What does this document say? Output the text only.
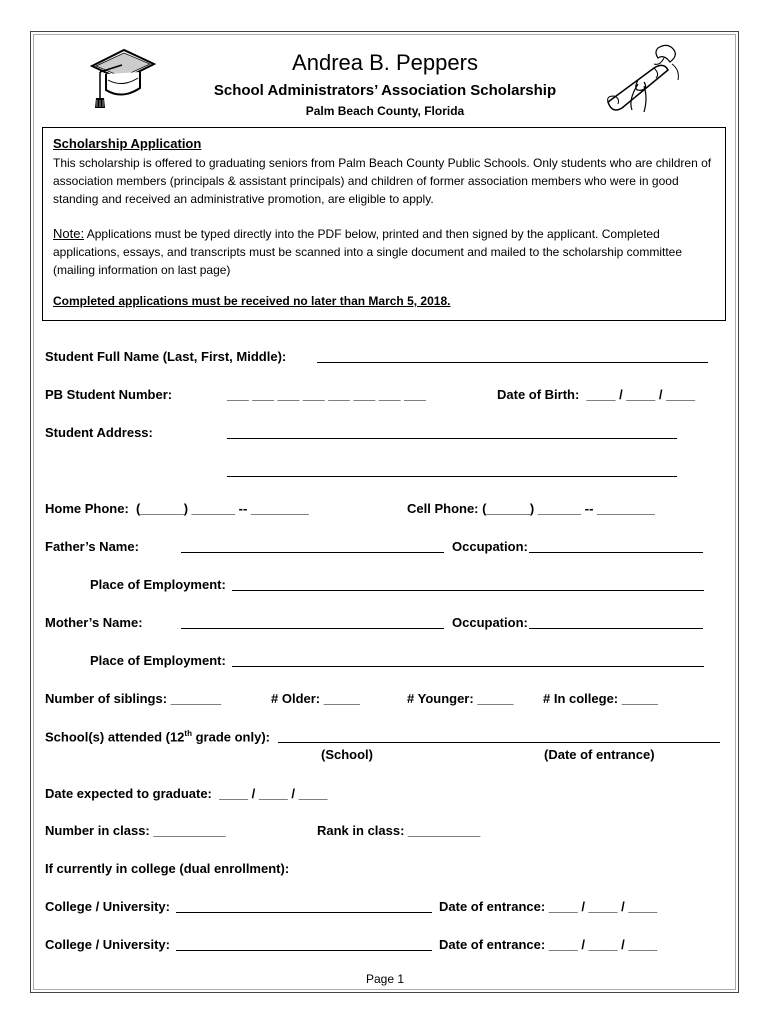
Andrea B. Peppers
School Administrators’ Association Scholarship
Palm Beach County, Florida
Scholarship Application

This scholarship is offered to graduating seniors from Palm Beach County Public Schools. Only students who are children of association members (principals & assistant principals) and children of former association members who were in good standing and received an administrative promotion, are eligible to apply.

Note: Applications must be typed directly into the PDF below, printed and then signed by the applicant. Completed applications, essays, and transcripts must be scanned into a single document and mailed to the scholarship committee (mailing information on last page)

Completed applications must be received no later than March 5, 2018.
Student Full Name (Last, First, Middle):
PB Student Number:	___ ___ ___ ___ ___ ___ ___ ___	Date of Birth:  ____ / ____ / ____
Student Address:
Home Phone:  (______) ______ -- ________	Cell Phone: (______) ______ -- ________
Father’s Name:	Occupation:
Place of Employment:
Mother’s Name:	Occupation:
Place of Employment:
Number of siblings: _______	# Older: _____	# Younger: _____ # In college: _____
School(s) attended (12th grade only):
(School)	(Date of entrance)
Date expected to graduate:  ____ / ____ / ____
Number in class: __________	Rank in class: __________
If currently in college (dual enrollment):
College / University:	Date of entrance: ____ / ____ / ____
College / University:	Date of entrance: ____ / ____ / ____
Page 1
